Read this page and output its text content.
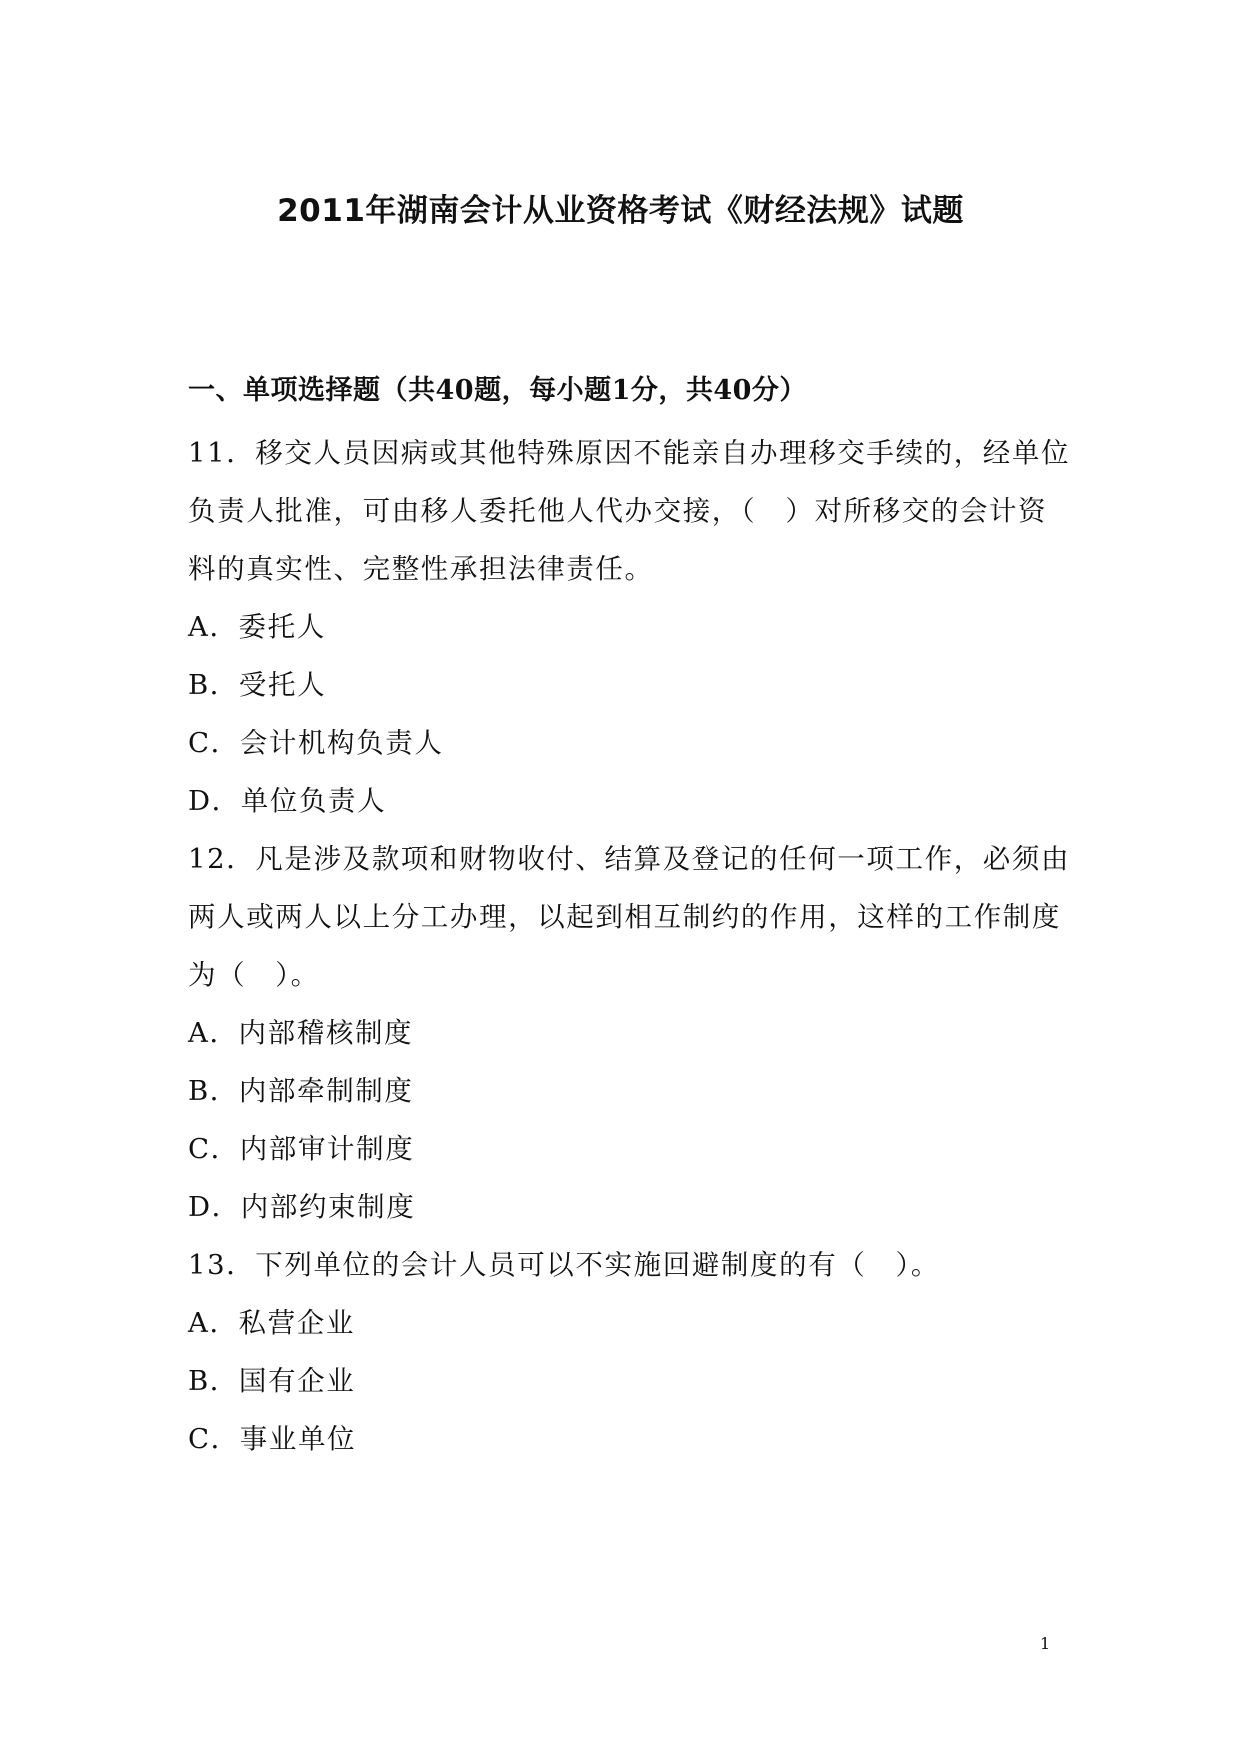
2011年湖南会计从业资格考试《财经法规》试题
一、单项选择题（共40题，每小题1分，共40分）
11．移交人员因病或其他特殊原因不能亲自办理移交手续的，经单位
负责人批准，可由移人委托他人代办交接，（　）对所移交的会计资
料的真实性、完整性承担法律责任。
A．委托人
B．受托人
C．会计机构负责人
D．单位负责人
12．凡是涉及款项和财物收付、结算及登记的任何一项工作，必须由
两人或两人以上分工办理，以起到相互制约的作用，这样的工作制度
为（　）。
A．内部稽核制度
B．内部牵制制度
C．内部审计制度
D．内部约束制度
13．下列单位的会计人员可以不实施回避制度的有（　）。
A．私营企业
B．国有企业
C．事业单位
1
